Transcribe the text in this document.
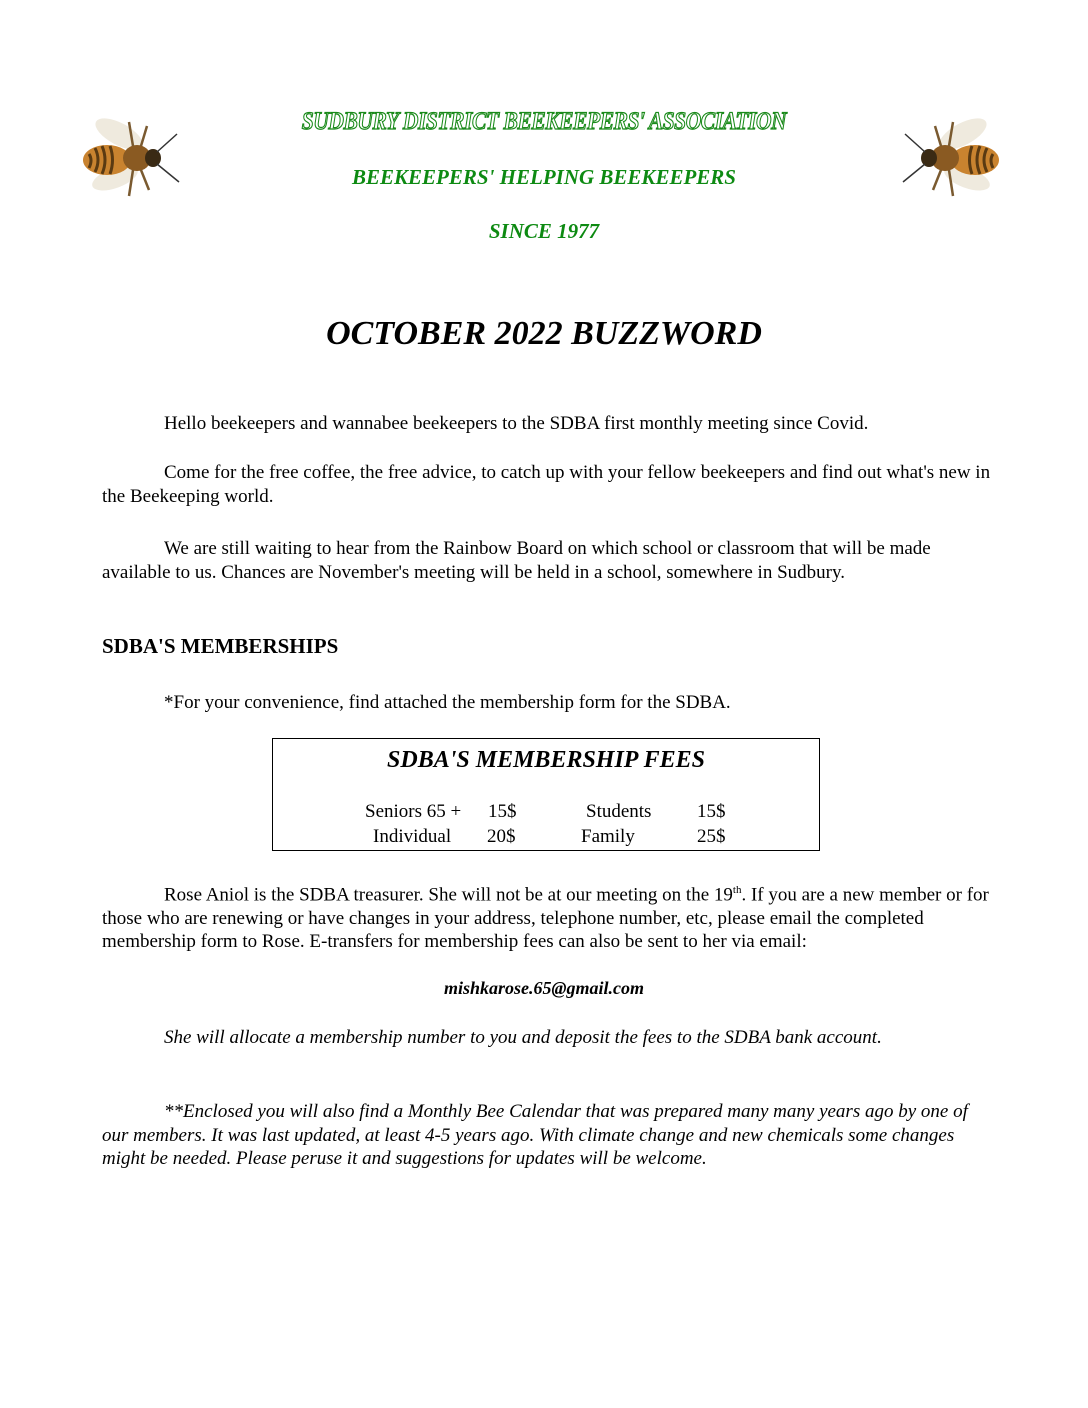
SUDBURY DISTRICT BEEKEEPERS' ASSOCIATION
BEEKEEPERS' HELPING BEEKEEPERS
SINCE 1977
OCTOBER 2022 BUZZWORD
Hello beekeepers and wannabee beekeepers to the SDBA first monthly meeting since Covid.
Come for the free coffee, the free advice, to catch up with your fellow beekeepers and find out what's new in the Beekeeping world.
We are still waiting to hear from the Rainbow Board on which school or classroom that will be made available to us. Chances are November's meeting will be held in a school, somewhere in Sudbury.
SDBA'S MEMBERSHIPS
*For your convenience, find attached the membership form for the SDBA.
SDBA'S MEMBERSHIP FEES
Seniors 65 + 15$	Students 15$
Individual 20$	Family	25$
Rose Aniol is the SDBA treasurer. She will not be at our meeting on the 19th. If you are a new member or for those who are renewing or have changes in your address, telephone number, etc, please email the completed membership form to Rose. E-transfers for membership fees can also be sent to her via email:
mishkarose.65@gmail.com
She will allocate a membership number to you and deposit the fees to the SDBA bank account.
**Enclosed you will also find a Monthly Bee Calendar that was prepared many many years ago by one of our members. It was last updated, at least 4-5 years ago. With climate change and new chemicals some changes might be needed. Please peruse it and suggestions for updates will be welcome.
